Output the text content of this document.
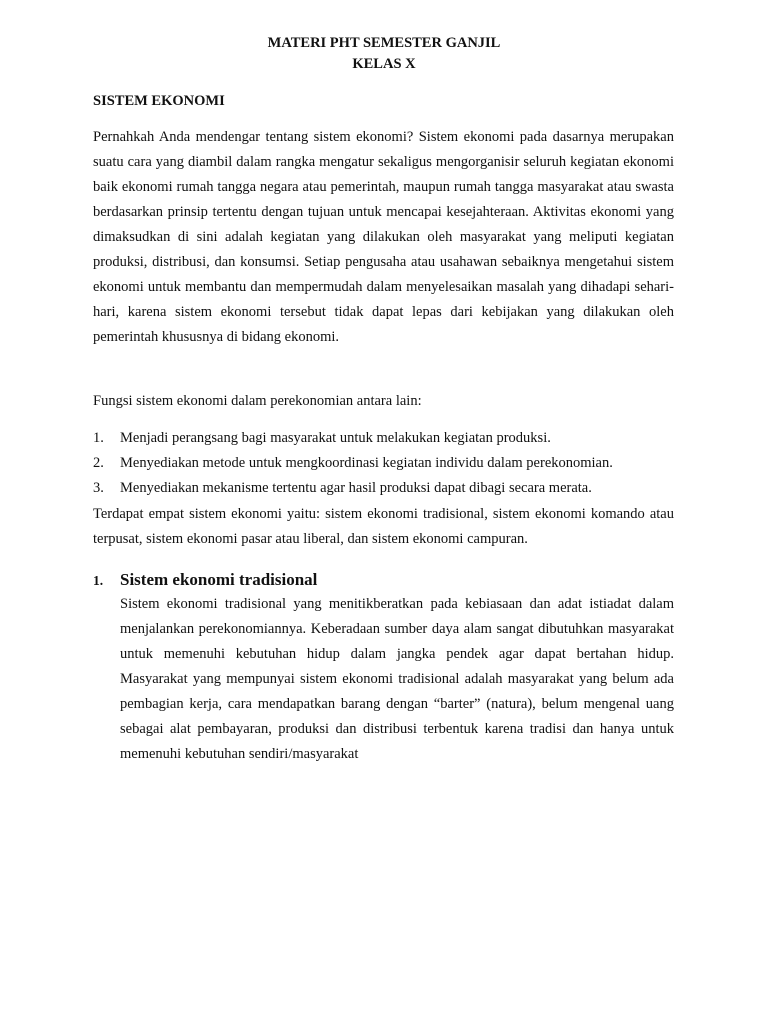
MATERI PHT SEMESTER GANJIL

KELAS X

SISTEM EKONOMI

Pernahkah Anda mendengar tentang sistem ekonomi? Sistem ekonomi pada dasarnya merupakan suatu cara yang diambil dalam rangka mengatur sekaligus mengorganisir seluruh kegiatan ekonomi baik ekonomi rumah tangga negara atau pemerintah, maupun rumah tangga masyarakat atau swasta berdasarkan prinsip tertentu dengan tujuan untuk mencapai kesejahteraan. Aktivitas ekonomi yang dimaksudkan di sini adalah kegiatan yang dilakukan oleh masyarakat yang meliputi kegiatan produksi, distribusi, dan konsumsi. Setiap pengusaha atau usahawan sebaiknya mengetahui sistem ekonomi untuk membantu dan mempermudah dalam menyelesaikan masalah yang dihadapi sehari-hari, karena sistem ekonomi tersebut tidak dapat lepas dari kebijakan yang dilakukan oleh pemerintah khususnya di bidang ekonomi.

Fungsi sistem ekonomi dalam perekonomian antara lain:

1. Menjadi perangsang bagi masyarakat untuk melakukan kegiatan produksi.
2. Menyediakan metode untuk mengkoordinasi kegiatan individu dalam perekonomian.
3. Menyediakan mekanisme tertentu agar hasil produksi dapat dibagi secara merata.

Terdapat empat sistem ekonomi yaitu: sistem ekonomi tradisional, sistem ekonomi komando atau terpusat, sistem ekonomi pasar atau liberal, dan sistem ekonomi campuran.

1. Sistem ekonomi tradisional

Sistem ekonomi tradisional yang menitikberatkan pada kebiasaan dan adat istiadat dalam menjalankan perekonomiannya. Keberadaan sumber daya alam sangat dibutuhkan masyarakat untuk memenuhi kebutuhan hidup dalam jangka pendek agar dapat bertahan hidup. Masyarakat yang mempunyai sistem ekonomi tradisional adalah masyarakat yang belum ada pembagian kerja, cara mendapatkan barang dengan “barter” (natura), belum mengenal uang sebagai alat pembayaran, produksi dan distribusi terbentuk karena tradisi dan hanya untuk memenuhi kebutuhan sendiri/masyarakat
